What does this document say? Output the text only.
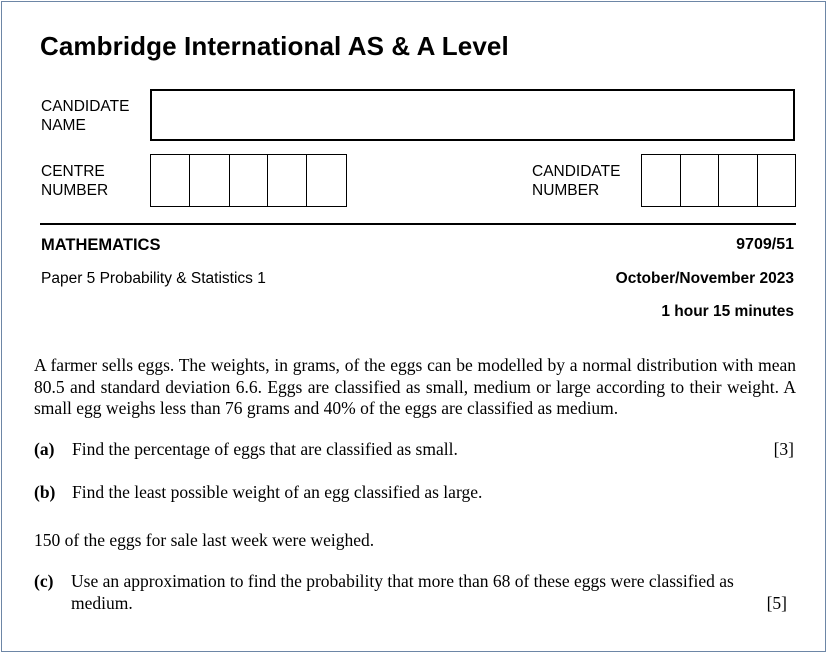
Cambridge International AS & A Level
CANDIDATE
NAME
CENTRE
NUMBER
CANDIDATE
NUMBER
MATHEMATICS	9709/51
Paper 5 Probability & Statistics 1	October/November 2023
1 hour 15 minutes
A farmer sells eggs. The weights, in grams, of the eggs can be modelled by a normal distribution with mean 80.5 and standard deviation 6.6. Eggs are classified as small, medium or large according to their weight. A small egg weighs less than 76 grams and 40% of the eggs are classified as medium.
(a) Find the percentage of eggs that are classified as small.	[3]
(b) Find the least possible weight of an egg classified as large.
150 of the eggs for sale last week were weighed.
(c) Use an approximation to find the probability that more than 68 of these eggs were classified as
medium.	[5]
